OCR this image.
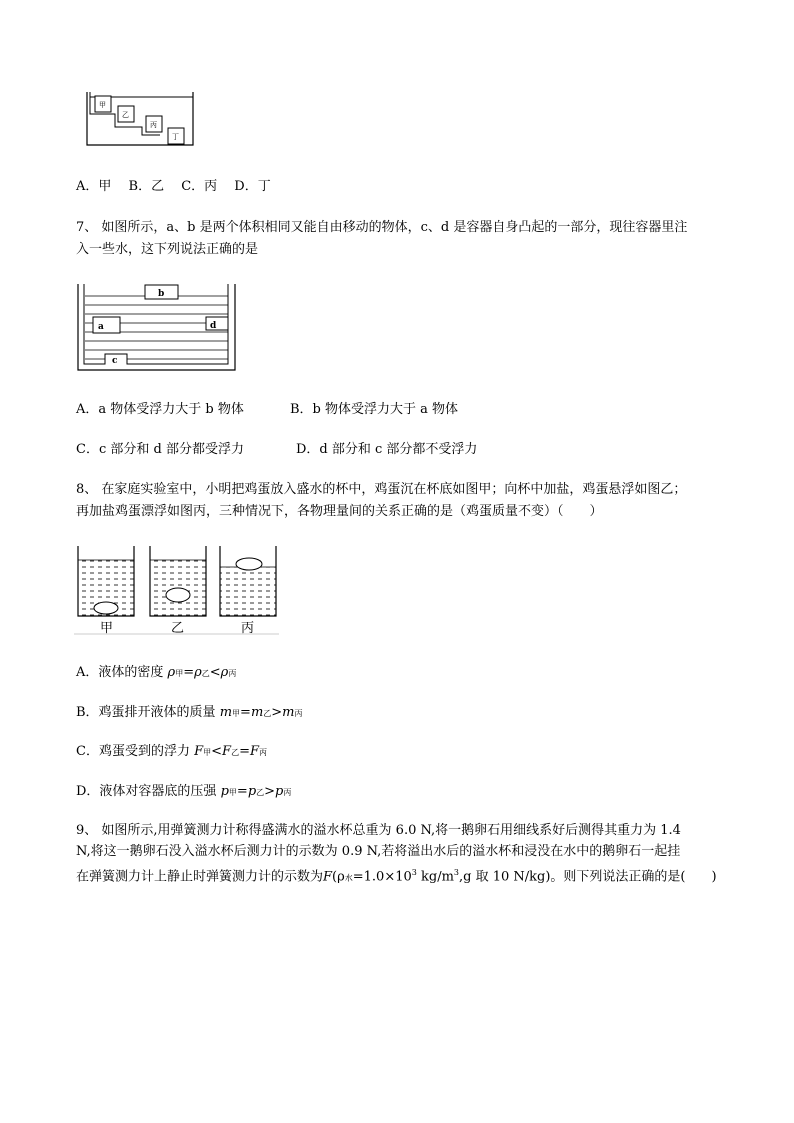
甲
乙
丙
丁
A．甲　 B．乙　 C．丙　 D．丁
7、 如图所示，a、b 是两个体积相同又能自由移动的物体，c、d 是容器自身凸起的一部分，现往容器里注
入一些水，这下列说法正确的是
b
a	d
c
A．a 物体受浮力大于 b 物体	B．b 物体受浮力大于 a 物体
C．c 部分和 d 部分都受浮力	D．d 部分和 c 部分都不受浮力
8、 在家庭实验室中，小明把鸡蛋放入盛水的杯中，鸡蛋沉在杯底如图甲；向杯中加盐，鸡蛋悬浮如图乙；
再加盐鸡蛋漂浮如图丙，三种情况下，各物理量间的关系正确的是（鸡蛋质量不变）（　　）
甲	乙	丙
A．液体的密度 ρ甲=ρ乙<ρ丙
B．鸡蛋排开液体的质量 m甲=m乙>m丙
C．鸡蛋受到的浮力 F甲<F乙=F丙
D．液体对容器底的压强 p甲=p乙>p丙
9、 如图所示,用弹簧测力计称得盛满水的溢水杯总重为 6.0 N,将一鹅卵石用细线系好后测得其重力为 1.4
N,将这一鹅卵石没入溢水杯后测力计的示数为 0.9 N,若将溢出水后的溢水杯和浸没在水中的鹅卵石一起挂
在弹簧测力计上静止时弹簧测力计的示数为F(ρ水$=1.0\times 10^3$ $kg/m^3,g$ 取 10 N/kg)。则下列说法正确的是(　　)
